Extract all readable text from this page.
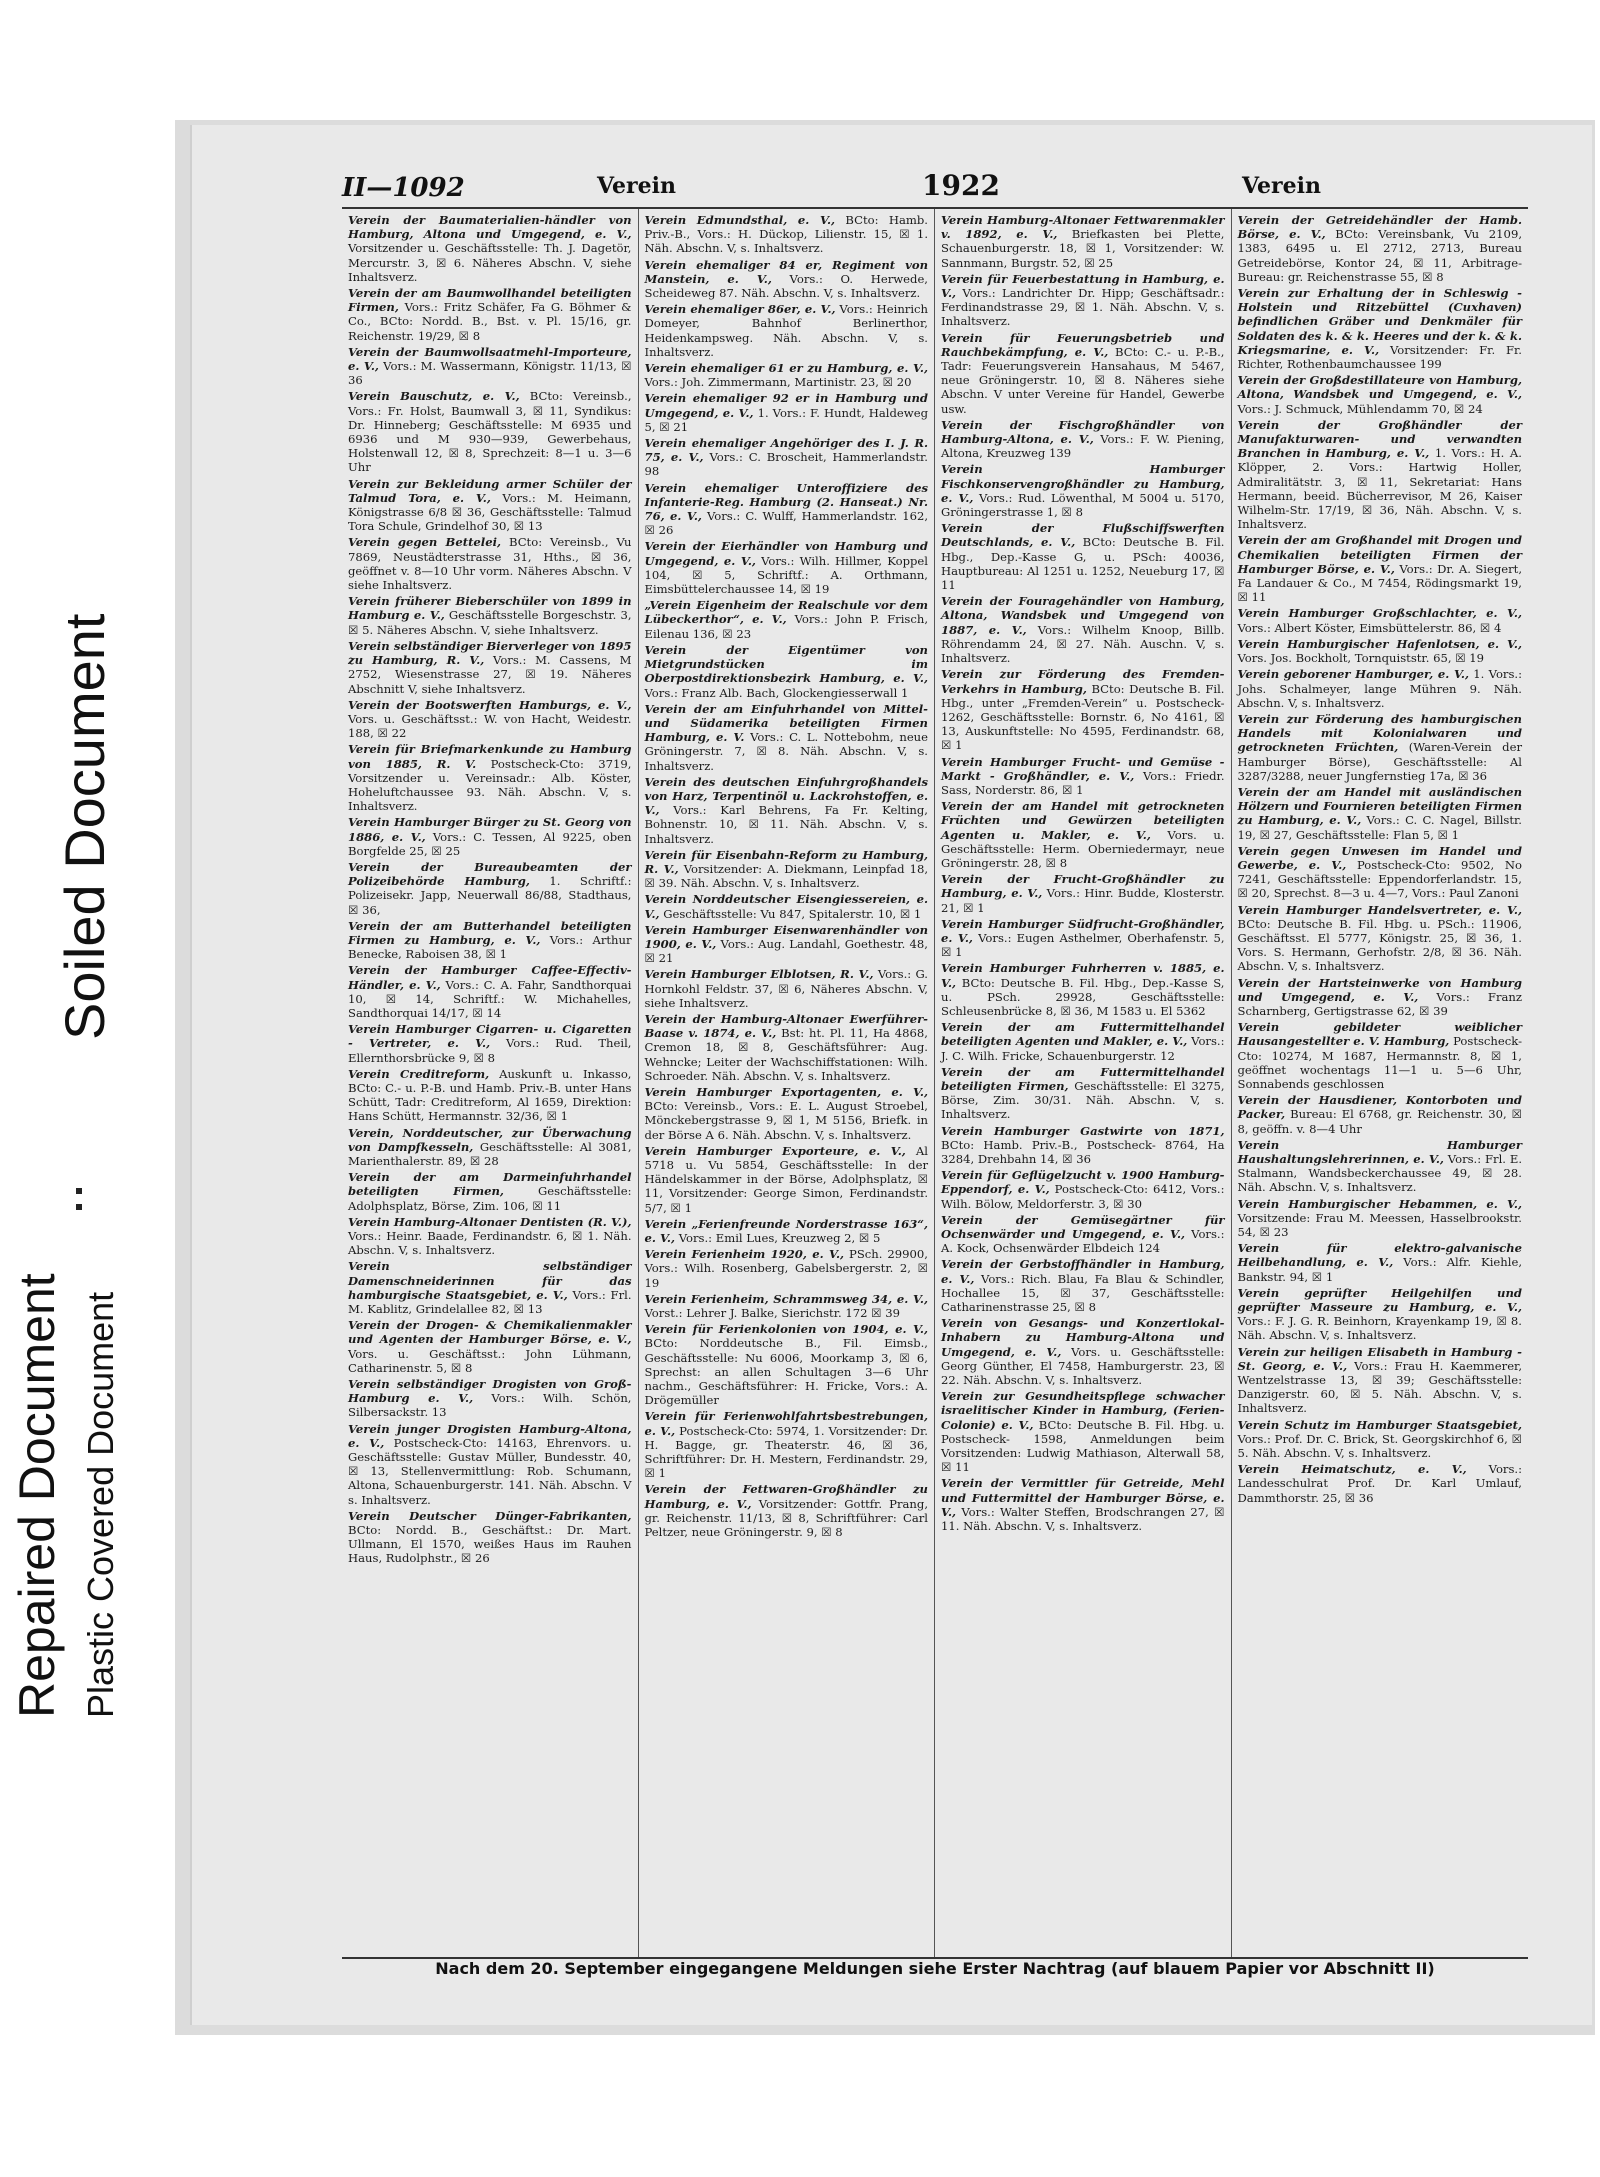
Soiled Document
Repaired Document Plastic Covered Document
II—1092	Verein	1922	Verein
Verein der Baumaterialien-händler von Hamburg, Altona und Umgegend, e. V., Vorsitzender u. Geschäftsstelle: Th. J. Dagetör, Mercurstr. 3, ☒ 6. Näheres Abschn. V, siehe Inhaltsverz.
Verein der am Baumwollhandel beteiligten Firmen, Vors.: Fritz Schäfer, Fa G. Böhmer & Co., BCto: Nordd. B., Bst. v. Pl. 15/16, gr. Reichenstr. 19/29, ☒ 8
Verein der Baumwollsaatmehl-Importeure, e. V., Vors.: M. Wassermann, Königstr. 11/13, ☒ 36
Verein Bauschutz, e. V., BCto: Vereinsb., Vors.: Fr. Holst, Baumwall 3, ☒ 11, Syndikus: Dr. Hinneberg; Geschäftsstelle: M 6935 und 6936 und M 930—939, Gewerbehaus, Holstenwall 12, ☒ 8, Sprechzeit: 8—1 u. 3—6 Uhr
Verein zur Bekleidung armer Schüler der Talmud Tora, e. V., Vors.: M. Heimann, Königstrasse 6/8 ☒ 36, Geschäftsstelle: Talmud Tora Schule, Grindelhof 30, ☒ 13
Verein gegen Bettelei, BCto: Vereinsb., Vu 7869, Neustädterstrasse 31, Hths., ☒ 36, geöffnet v. 8—10 Uhr vorm. Näheres Abschn. V siehe Inhaltsverz.
Verein früherer Bieberschüler von 1899 in Hamburg e. V., Geschäftsstelle Borgeschstr. 3, ☒ 5. Näheres Abschn. V, siehe Inhaltsverz.
Verein selbständiger Bierverleger von 1895 zu Hamburg, R. V., Vors.: M. Cassens, M 2752, Wiesenstrasse 27, ☒ 19. Näheres Abschnitt V, siehe Inhaltsverz.
Verein der Bootswerften Hamburgs, e. V., Vors. u. Geschäftsst.: W. von Hacht, Weidestr. 188, ☒ 22
Verein für Briefmarkenkunde zu Hamburg von 1885, R. V. Postscheck-Cto: 3719, Vorsitzender u. Vereinsadr.: Alb. Köster, Hoheluftchaussee 93. Näh. Abschn. V, s. Inhaltsverz.
Verein Hamburger Bürger zu St. Georg von 1886, e. V., Vors.: C. Tessen, Al 9225, oben Borgfelde 25, ☒ 25
Verein der Bureaubeamten der Polizeibehörde Hamburg, 1. Schriftf.: Polizeisekr. Japp, Neuerwall 86/88, Stadthaus, ☒ 36,
Verein der am Butterhandel beteiligten Firmen zu Hamburg, e. V., Vors.: Arthur Benecke, Raboisen 38, ☒ 1
Verein der Hamburger Caffee-Effectiv-Händler, e. V., Vors.: C. A. Fahr, Sandthorquai 10, ☒ 14, Schriftf.: W. Michahelles, Sandthorquai 14/17, ☒ 14
Verein Hamburger Cigarren- u. Cigaretten - Vertreter, e. V., Vors.: Rud. Theil, Ellernthorsbrücke 9, ☒ 8
Verein Creditreform, Auskunft u. Inkasso, BCto: C.- u. P.-B. und Hamb. Priv.-B. unter Hans Schütt, Tadr: Creditreform, Al 1659, Direktion: Hans Schütt, Hermannstr. 32/36, ☒ 1
Verein, Norddeutscher, zur Überwachung von Dampfkesseln, Geschäftsstelle: Al 3081, Marienthalerstr. 89, ☒ 28
Verein der am Darmeinfuhrhandel beteiligten Firmen,	Geschäftsstelle: Adolphsplatz, Börse, Zim. 106, ☒ 11
Verein Hamburg-Altonaer Dentisten (R. V.), Vors.: Heinr. Baade, Ferdinandstr. 6, ☒ 1. Näh. Abschn. V, s. Inhaltsverz.
Verein selbständiger Damenschneiderinnen für das hamburgische Staatsgebiet, e. V., Vors.: Frl. M. Kablitz, Grindelallee 82, ☒ 13
Verein der Drogen- & Chemikalienmakler und Agenten der Hamburger Börse, e. V., Vors. u. Geschäftsst.: John Lühmann, Catharinenstr. 5, ☒ 8
Verein selbständiger Drogisten von Groß-Hamburg e. V., Vors.: Wilh. Schön, Silbersackstr. 13
Verein junger Drogisten Hamburg-Altona, e. V., Postscheck-Cto: 14163, Ehrenvors. u. Geschäftsstelle: Gustav Müller, Bundesstr. 40, ☒ 13, Stellenvermittlung: Rob. Schumann, Altona, Schauenburgerstr. 141. Näh. Abschn. V s. Inhaltsverz.
Verein Deutscher Dünger-Fabrikanten, BCto: Nordd. B., Geschäftst.: Dr. Mart. Ullmann, El 1570, weißes Haus im Rauhen Haus, Rudolphstr., ☒ 26
Verein Edmundsthal, e. V., BCto: Hamb. Priv.-B., Vors.: H. Dückop, Lilienstr. 15, ☒ 1. Näh. Abschn. V, s. Inhaltsverz.
Verein ehemaliger 84 er, Regiment von Manstein, e. V., Vors.: O. Herwede, Scheideweg 87. Näh. Abschn. V, s. Inhaltsverz.
Verein ehemaliger 86er, e. V., Vors.: Heinrich Domeyer, Bahnhof Berlinerthor, Heidenkampsweg. Näh. Abschn. V, s. Inhaltsverz.
Verein ehemaliger 61 er zu Hamburg, e. V., Vors.: Joh. Zimmermann, Martinistr. 23, ☒ 20
Verein ehemaliger 92 er in Hamburg und Umgegend, e. V., 1. Vors.: F. Hundt, Haldeweg 5, ☒ 21
Verein ehemaliger Angehöriger des I. J. R. 75, e. V., Vors.: C. Broscheit, Hammerlandstr. 98
Verein ehemaliger Unteroffiziere des Infanterie-Reg. Hamburg (2. Hanseat.) Nr. 76, e. V., Vors.: C. Wulff, Hammerlandstr. 162, ☒ 26
Verein der Eierhändler von Hamburg und Umgegend, e. V., Vors.: Wilh. Hillmer, Koppel 104, ☒ 5, Schriftf.: A. Orthmann, Eimsbüttelerchaussee 14, ☒ 19
„Verein Eigenheim der Realschule vor dem Lübeckerthor“, e. V., Vors.: John P. Frisch, Eilenau 136, ☒ 23
Verein der Eigentümer von Mietgrundstücken im Oberpostdirektionsbezirk Hamburg, e. V., Vors.: Franz Alb. Bach, Glockengiesserwall 1
Verein der am Einfuhrhandel von Mittel- und Südamerika beteiligten Firmen Hamburg, e. V. Vors.: C. L. Nottebohm, neue Gröningerstr. 7, ☒ 8. Näh. Abschn. V, s. Inhaltsverz.
Verein des deutschen Einfuhrgroßhandels von Harz, Terpentinöl u. Lackrohstoffen, e. V., Vors.: Karl Behrens, Fa Fr. Kelting, Bohnenstr. 10, ☒ 11. Näh. Abschn. V, s. Inhaltsverz.
Verein für Eisenbahn-Reform zu Hamburg, R. V., Vorsitzender: A. Diekmann, Leinpfad 18, ☒ 39. Näh. Abschn. V, s. Inhaltsverz.
Verein Norddeutscher Eisengiessereien, e. V., Geschäftsstelle: Vu 847, Spitalerstr. 10, ☒ 1
Verein Hamburger Eisenwarenhändler von 1900, e. V., Vors.: Aug. Landahl, Goethestr. 48, ☒ 21
Verein Hamburger Elblotsen, R. V., Vors.: G. Hornkohl Feldstr. 37, ☒ 6, Näheres Abschn. V, siehe Inhaltsverz.
Verein der Hamburg-Altonaer Ewerführer-Baase v. 1874, e. V., Bst: ht. Pl. 11, Ha 4868, Cremon 18, ☒ 8, Geschäftsführer: Aug. Wehncke; Leiter der Wachschiffstationen: Wilh. Schroeder. Näh. Abschn. V, s. Inhaltsverz.
Verein Hamburger Exportagenten, e. V., BCto: Vereinsb., Vors.: E. L. August Stroebel, Mönckebergstrasse 9, ☒ 1, M 5156, Briefk. in der Börse A 6. Näh. Abschn. V, s. Inhaltsverz.
Verein Hamburger Exporteure, e. V., Al 5718 u. Vu 5854, Geschäftsstelle: In der Händelskammer in der Börse, Adolphsplatz, ☒ 11, Vorsitzender: George Simon, Ferdinandstr. 5/7, ☒ 1
Verein „Ferienfreunde Norderstrasse 163“, e. V., Vors.: Emil Lues, Kreuzweg 2, ☒ 5
Verein Ferienheim 1920, e. V., PSch. 29900, Vors.: Wilh. Rosenberg, Gabelsbergerstr. 2, ☒ 19
Verein Ferienheim, Schrammsweg 34, e. V., Vorst.: Lehrer J. Balke, Sierichstr. 172 ☒ 39
Verein für Ferienkolonien von 1904, e. V., BCto: Norddeutsche B., Fil. Eimsb., Geschäftsstelle: Nu 6006, Moorkamp 3, ☒ 6, Sprechst: an allen Schultagen 3—6 Uhr nachm., Geschäftsführer: H. Fricke, Vors.: A. Drögemüller
Verein für Ferienwohlfahrtsbestrebungen, e. V., Postscheck-Cto: 5974, 1. Vorsitzender: Dr. H. Bagge, gr. Theaterstr. 46, ☒ 36, Schriftführer: Dr. H. Mestern, Ferdinandstr. 29, ☒ 1
Verein der Fettwaren-Großhändler zu Hamburg, e. V., Vorsitzender: Gottfr. Prang, gr. Reichenstr. 11/13, ☒ 8, Schriftführer: Carl Peltzer, neue Gröningerstr. 9, ☒ 8
Verein Hamburg-Altonaer Fettwarenmakler v. 1892, e. V., Briefkasten bei Plette, Schauenburgerstr. 18, ☒ 1, Vorsitzender: W. Sannmann, Burgstr. 52, ☒ 25
Verein für Feuerbestattung in Hamburg, e. V., Vors.: Landrichter Dr. Hipp; Geschäftsadr.: Ferdinandstrasse 29, ☒ 1. Näh. Abschn. V, s. Inhaltsverz.
Verein für Feuerungsbetrieb und Rauchbekämpfung, e. V., BCto: C.- u. P.-B., Tadr: Feuerungsverein Hansahaus, M 5467, neue Gröningerstr. 10, ☒ 8. Näheres siehe Abschn. V unter Vereine für Handel, Gewerbe usw.
Verein der Fischgroßhändler von Hamburg-Altona, e. V., Vors.: F. W. Piening, Altona, Kreuzweg 139
Verein Hamburger Fischkonservengroßhändler zu Hamburg, e. V., Vors.: Rud. Löwenthal, M 5004 u. 5170, Gröningerstrasse 1, ☒ 8
Verein der Flußschiffswerften Deutschlands, e. V., BCto: Deutsche B. Fil. Hbg., Dep.-Kasse G, u. PSch: 40036, Hauptbureau: Al 1251 u. 1252, Neueburg 17, ☒ 11
Verein der Fouragehändler von Hamburg, Altona, Wandsbek und Umgegend von 1887, e. V., Vors.: Wilhelm Knoop, Billb. Röhrendamm 24, ☒ 27. Näh. Auschn. V, s. Inhaltsverz.
Verein zur Förderung des Fremden-Verkehrs in Hamburg, BCto: Deutsche B. Fil. Hbg., unter „Fremden-Verein“ u. Postscheck-1262, Geschäftsstelle: Bornstr. 6, No 4161, ☒ 13, Auskunftstelle: No 4595, Ferdinandstr. 68, ☒ 1
Verein Hamburger Frucht- und Gemüse - Markt - Großhändler, e. V., Vors.: Friedr. Sass, Norderstr. 86, ☒ 1
Verein der am Handel mit getrockneten Früchten und Gewürzen beteiligten Agenten u. Makler, e. V., Vors. u. Geschäftsstelle: Herm. Oberniedermayr, neue Gröningerstr. 28, ☒ 8
Verein der Frucht-Großhändler zu Hamburg, e. V., Vors.: Hinr. Budde, Klosterstr. 21, ☒ 1
Verein Hamburger Südfrucht-Großhändler, e. V., Vors.: Eugen Asthelmer, Oberhafenstr. 5, ☒ 1
Verein Hamburger Fuhrherren v. 1885, e. V., BCto: Deutsche B. Fil. Hbg., Dep.-Kasse S, u. PSch. 29928, Geschäftsstelle: Schleusenbrücke 8, ☒ 36, M 1583 u. El 5362
Verein der am Futtermittelhandel beteiligten Agenten und Makler, e. V., Vors.: J. C. Wilh. Fricke, Schauenburgerstr. 12
Verein der am Futtermittelhandel beteiligten Firmen, Geschäftsstelle: El 3275, Börse, Zim. 30/31. Näh. Abschn. V, s. Inhaltsverz.
Verein Hamburger Gastwirte von 1871, BCto: Hamb. Priv.-B., Postscheck- 8764, Ha 3284, Drehbahn 14, ☒ 36
Verein für Geflügelzucht v. 1900 Hamburg-Eppendorf, e. V., Postscheck-Cto: 6412, Vors.: Wilh. Bölow, Meldorferstr. 3, ☒ 30
Verein der Gemüsegärtner für Ochsenwärder und Umgegend, e. V., Vors.: A. Kock, Ochsenwärder Elbdeich 124
Verein der Gerbstoffhändler in Hamburg, e. V., Vors.: Rich. Blau, Fa Blau & Schindler, Hochallee 15, ☒ 37, Geschäftsstelle: Catharinenstrasse 25, ☒ 8
Verein von Gesangs- und Konzertlokal-Inhabern zu Hamburg-Altona und Umgegend, e. V., Vors. u. Geschäftsstelle: Georg Günther, El 7458, Hamburgerstr. 23, ☒ 22. Näh. Abschn. V, s. Inhaltsverz.
Verein zur Gesundheitspflege schwacher israelitischer Kinder in Hamburg, (Ferien-Colonie) e. V., BCto: Deutsche B. Fil. Hbg. u. Postscheck- 1598, Anmeldungen beim Vorsitzenden: Ludwig Mathiason, Alterwall 58, ☒ 11
Verein der Vermittler für Getreide, Mehl und Futtermittel der Hamburger Börse, e. V., Vors.: Walter Steffen, Brodschrangen 27, ☒ 11. Näh. Abschn. V, s. Inhaltsverz.
Verein der Getreidehändler der Hamb. Börse, e. V., BCto: Vereinsbank, Vu 2109, 1383, 6495 u. El 2712, 2713, Bureau Getreidebörse, Kontor 24, ☒ 11, Arbitrage-Bureau: gr. Reichenstrasse 55, ☒ 8
Verein zur Erhaltung der in Schleswig - Holstein und Ritzebüttel (Cuxhaven) befindlichen Gräber und Denkmäler für Soldaten des k. & k. Heeres und der k. & k. Kriegsmarine, e. V., Vorsitzender: Fr. Fr. Richter, Rothenbaumchaussee 199
Verein der Großdestillateure von Hamburg, Altona, Wandsbek und Umgegend, e. V., Vors.: J. Schmuck, Mühlendamm 70, ☒ 24
Verein der Großhändler der Manufakturwaren- und verwandten Branchen in Hamburg, e. V., 1. Vors.: H. A. Klöpper, 2. Vors.: Hartwig Holler, Admiralitätstr. 3, ☒ 11, Sekretariat: Hans Hermann, beeid. Bücherrevisor, M 26, Kaiser Wilhelm-Str. 17/19, ☒ 36, Näh. Abschn. V, s. Inhaltsverz.
Verein der am Großhandel mit Drogen und Chemikalien beteiligten Firmen der Hamburger Börse, e. V., Vors.: Dr. A. Siegert, Fa Landauer & Co., M 7454, Rödingsmarkt 19, ☒ 11
Verein Hamburger Großschlachter, e. V., Vors.: Albert Köster, Eimsbüttelerstr. 86, ☒ 4
Verein Hamburgischer Hafenlotsen, e. V., Vors. Jos. Bockholt, Tornquiststr. 65, ☒ 19
Verein geborener Hamburger, e. V., 1. Vors.: Johs. Schalmeyer, lange Mühren 9. Näh. Abschn. V, s. Inhaltsverz.
Verein zur Förderung des hamburgischen Handels mit Kolonialwaren und getrockneten Früchten, (Waren-Verein der Hamburger Börse), Geschäftsstelle: Al 3287/3288, neuer Jungfernstieg 17a, ☒ 36
Verein der am Handel mit ausländischen Hölzern und Fournieren beteiligten Firmen zu Hamburg, e. V., Vors.: C. C. Nagel, Billstr. 19, ☒ 27, Geschäftsstelle: Flan 5, ☒ 1
Verein gegen Unwesen im Handel und Gewerbe, e. V., Postscheck-Cto: 9502, No 7241, Geschäftsstelle: Eppendorferlandstr. 15, ☒ 20, Sprechst. 8—3 u. 4—7, Vors.: Paul Zanoni
Verein Hamburger Handelsvertreter, e. V., BCto: Deutsche B. Fil. Hbg. u. PSch.: 11906, Geschäftsst. El 5777, Königstr. 25, ☒ 36, 1. Vors. S. Hermann, Gerhofstr. 2/8, ☒ 36. Näh. Abschn. V, s. Inhaltsverz.
Verein der Hartsteinwerke von Hamburg und Umgegend, e. V., Vors.: Franz Scharnberg, Gertigstrasse 62, ☒ 39
Verein gebildeter weiblicher Hausangestellter e. V. Hamburg, Postscheck-Cto: 10274, M 1687, Hermannstr. 8, ☒ 1, geöffnet wochentags 11—1 u. 5—6 Uhr, Sonnabends geschlossen
Verein der Hausdiener, Kontorboten und Packer, Bureau: El 6768, gr. Reichenstr. 30, ☒ 8, geöffn. v. 8—4 Uhr
Verein Hamburger Haushaltungslehrerinnen, e. V., Vors.: Frl. E. Stalmann, Wandsbeckerchaussee 49, ☒ 28. Näh. Abschn. V, s. Inhaltsverz.
Verein Hamburgischer Hebammen, e. V., Vorsitzende: Frau M. Meessen, Hasselbrookstr. 54, ☒ 23
Verein für elektro-galvanische Heilbehandlung, e. V., Vors.: Alfr. Kiehle, Bankstr. 94, ☒ 1
Verein geprüfter Heilgehilfen und geprüfter Masseure zu Hamburg, e. V., Vors.: F. J. G. R. Beinhorn, Krayenkamp 19, ☒ 8. Näh. Abschn. V, s. Inhaltsverz.
Verein zur heiligen Elisabeth in Hamburg - St. Georg, e. V., Vors.: Frau H. Kaemmerer, Wentzelstrasse 13, ☒ 39; Geschäftsstelle: Danzigerstr. 60, ☒ 5. Näh. Abschn. V, s. Inhaltsverz.
Verein Schutz im Hamburger Staatsgebiet, Vors.: Prof. Dr. C. Brick, St. Georgskirchhof 6, ☒ 5. Näh. Abschn. V, s. Inhaltsverz.
Verein Heimatschutz, e. V., Vors.: Landesschulrat Prof. Dr. Karl Umlauf, Dammthorstr. 25, ☒ 36
Nach dem 20. September eingegangene Meldungen siehe Erster Nachtrag (auf blauem Papier vor Abschnitt II)
